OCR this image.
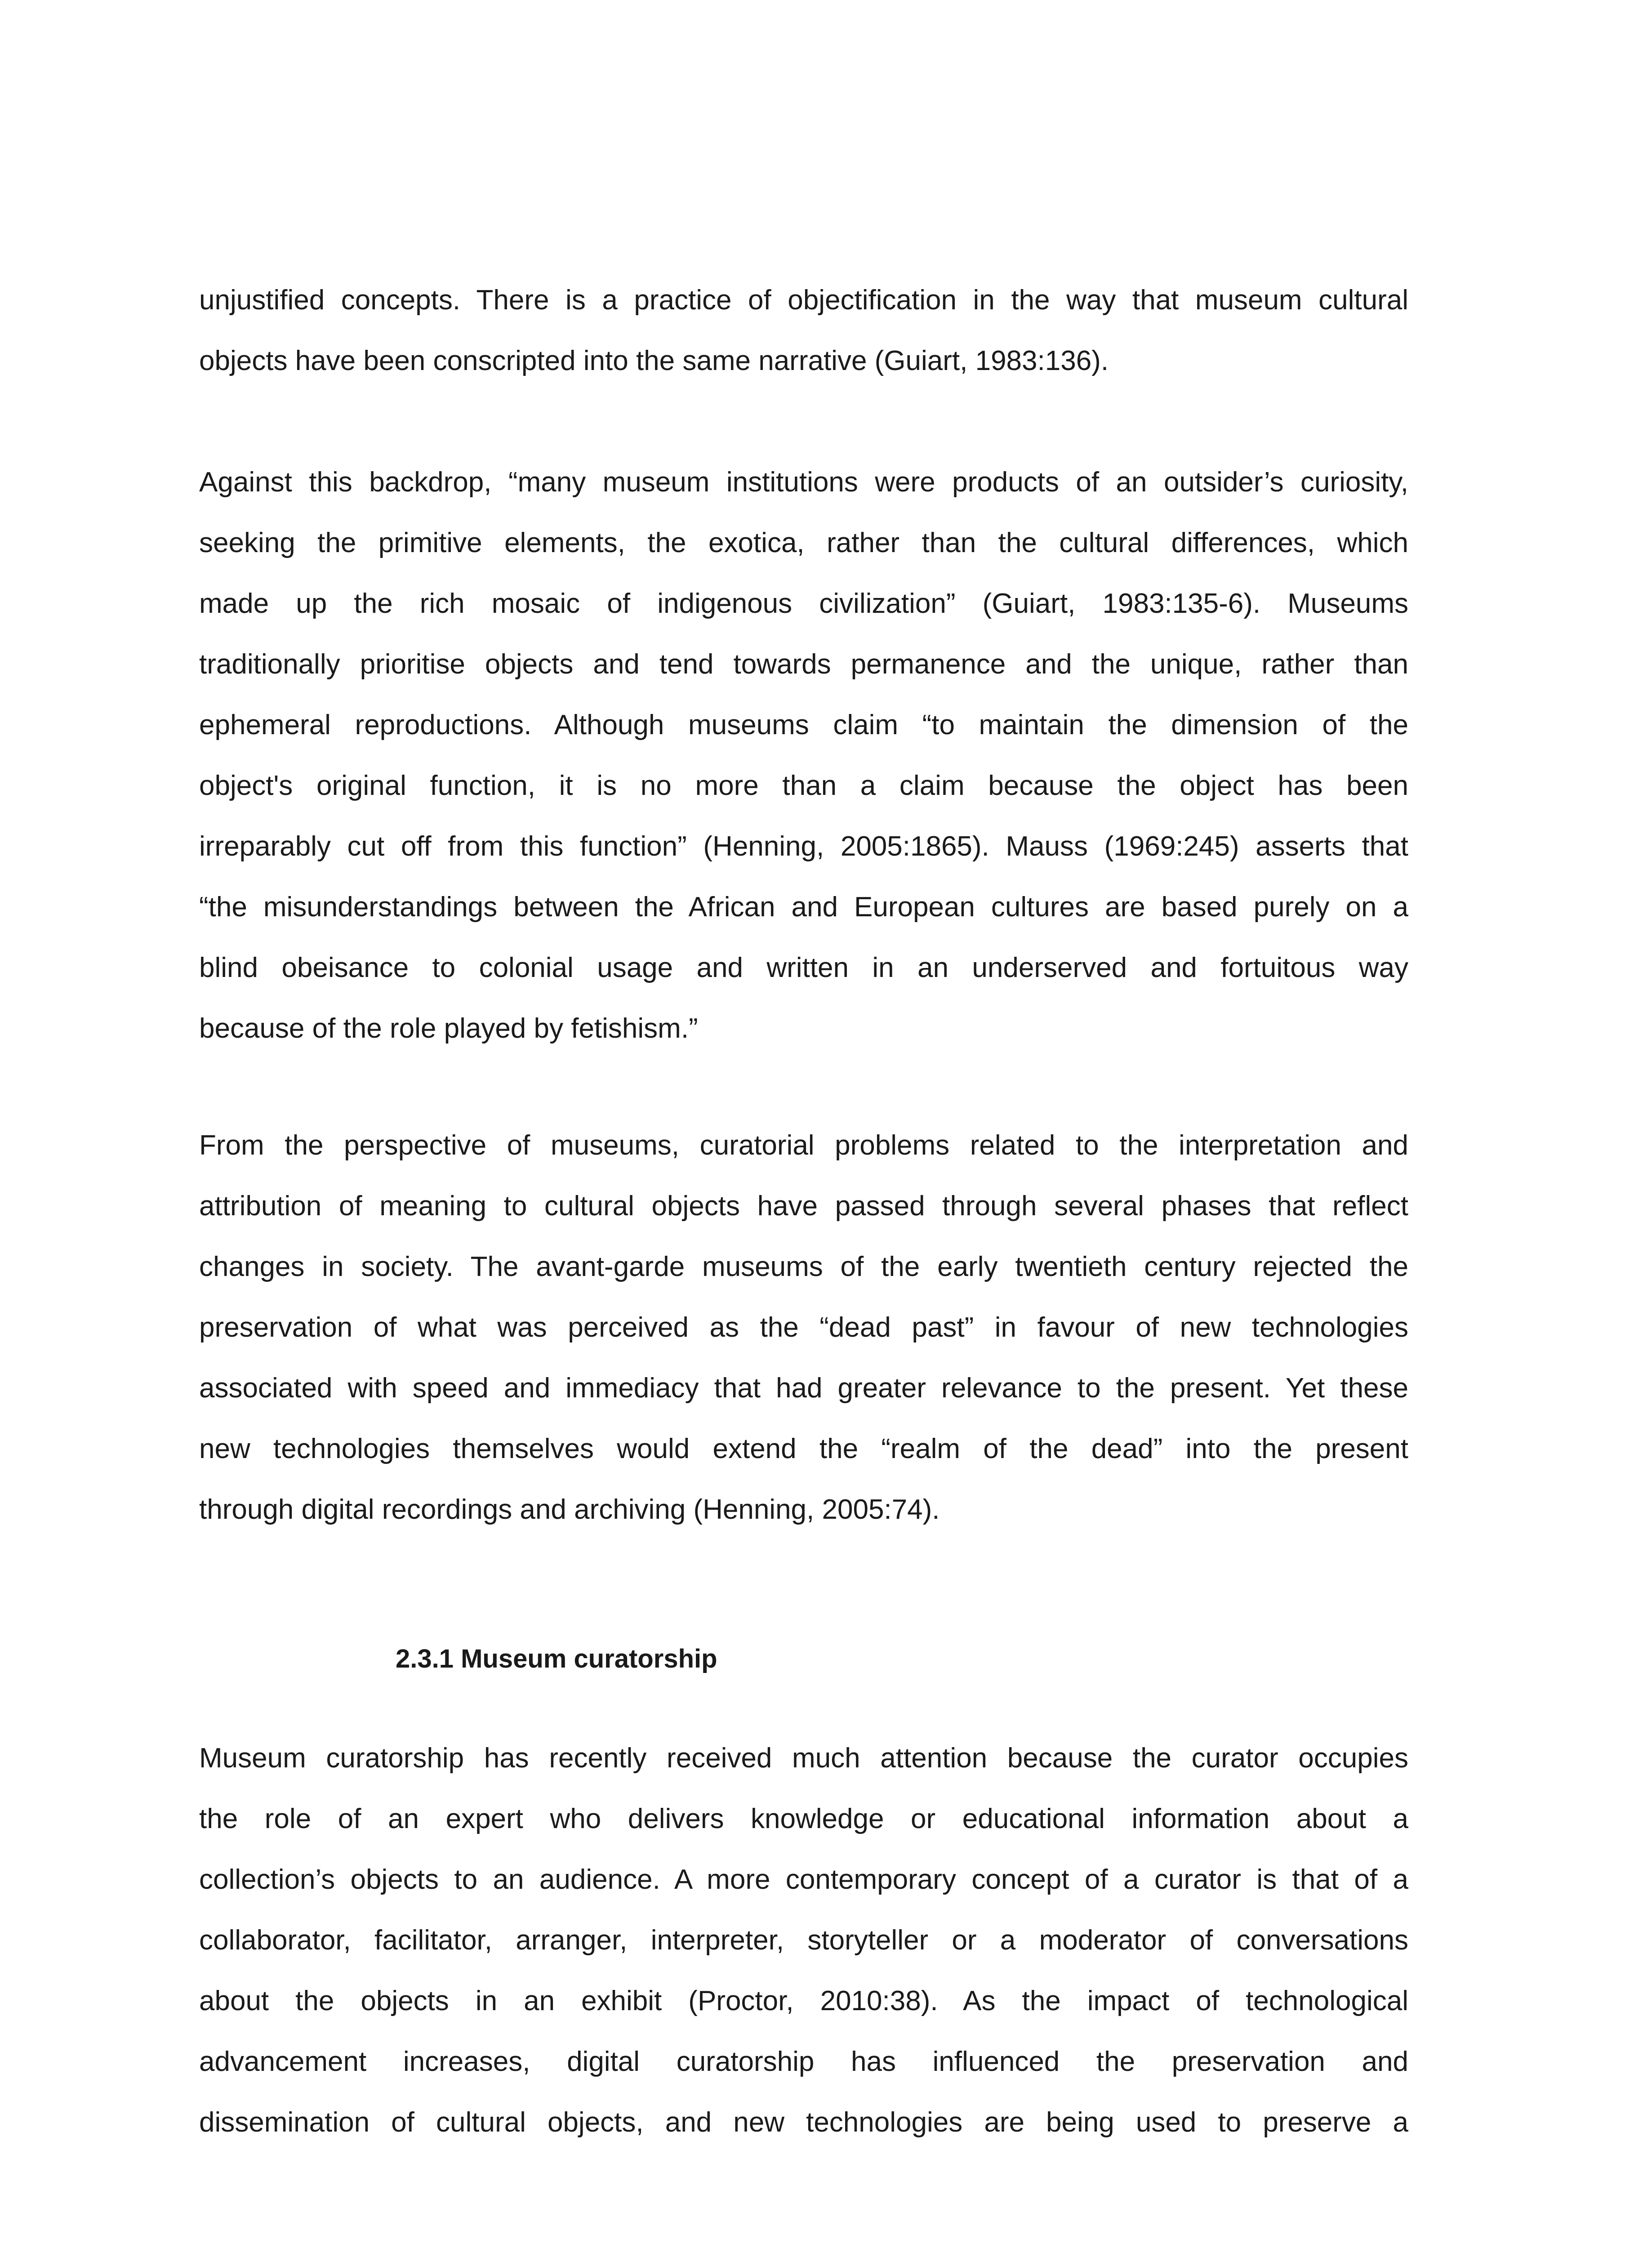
unjustified concepts. There is a practice of objectification in the way that museum cultural
objects have been conscripted into the same narrative (Guiart, 1983:136).
Against this backdrop, “many museum institutions were products of an outsider’s curiosity,
seeking the primitive elements, the exotica, rather than the cultural differences, which
made up the rich mosaic of indigenous civilization” (Guiart, 1983:135-6). Museums
traditionally prioritise objects and tend towards permanence and the unique, rather than
ephemeral reproductions. Although museums claim “to maintain the dimension of the
object's original function, it is no more than a claim because the object has been
irreparably cut off from this function” (Henning, 2005:1865). Mauss (1969:245) asserts that
“the misunderstandings between the African and European cultures are based purely on a
blind obeisance to colonial usage and written in an underserved and fortuitous way
because of the role played by fetishism.”
From the perspective of museums, curatorial problems related to the interpretation and
attribution of meaning to cultural objects have passed through several phases that reflect
changes in society. The avant-garde museums of the early twentieth century rejected the
preservation of what was perceived as the “dead past” in favour of new technologies
associated with speed and immediacy that had greater relevance to the present. Yet these
new technologies themselves would extend the “realm of the dead” into the present
through digital recordings and archiving (Henning, 2005:74).
2.3.1 Museum curatorship
Museum curatorship has recently received much attention because the curator occupies
the role of an expert who delivers knowledge or educational information about a
collection’s objects to an audience. A more contemporary concept of a curator is that of a
collaborator, facilitator, arranger, interpreter, storyteller or a moderator of conversations
about the objects in an exhibit (Proctor, 2010:38). As the impact of technological
advancement increases, digital curatorship has influenced the preservation and
dissemination of cultural objects, and new technologies are being used to preserve a
